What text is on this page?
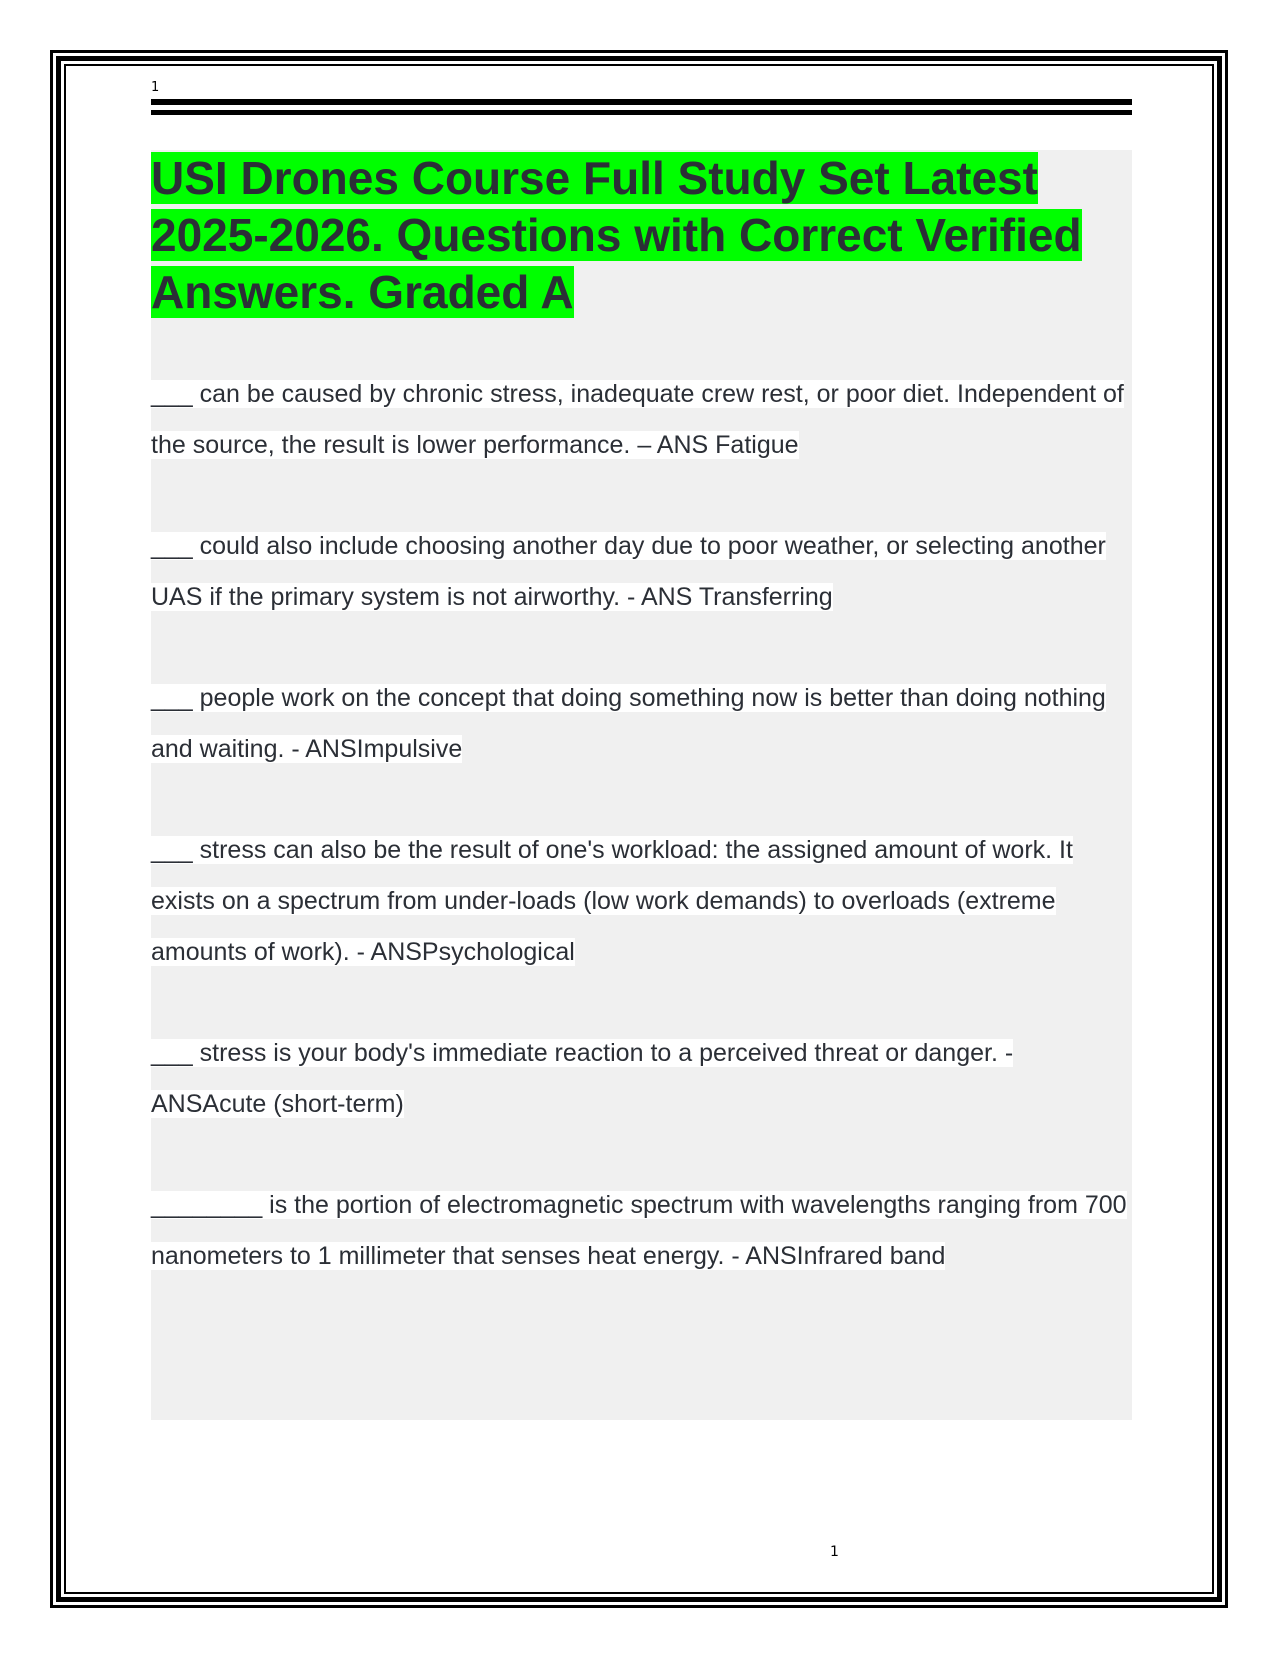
1
USI Drones Course Full Study Set Latest 2025-2026. Questions with Correct Verified Answers. Graded A

___ can be caused by chronic stress, inadequate crew rest, or poor diet. Independent of the source, the result is lower performance. – ANS Fatigue

___ could also include choosing another day due to poor weather, or selecting another UAS if the primary system is not airworthy. - ANS Transferring

___ people work on the concept that doing something now is better than doing nothing and waiting. - ANSImpulsive

___ stress can also be the result of one's workload: the assigned amount of work. It exists on a spectrum from under-loads (low work demands) to overloads (extreme amounts of work). - ANSPsychological

___ stress is your body's immediate reaction to a perceived threat or danger. - ANSAcute (short-term)

________ is the portion of electromagnetic spectrum with wavelengths ranging from 700 nanometers to 1 millimeter that senses heat energy. - ANSInfrared band

1
